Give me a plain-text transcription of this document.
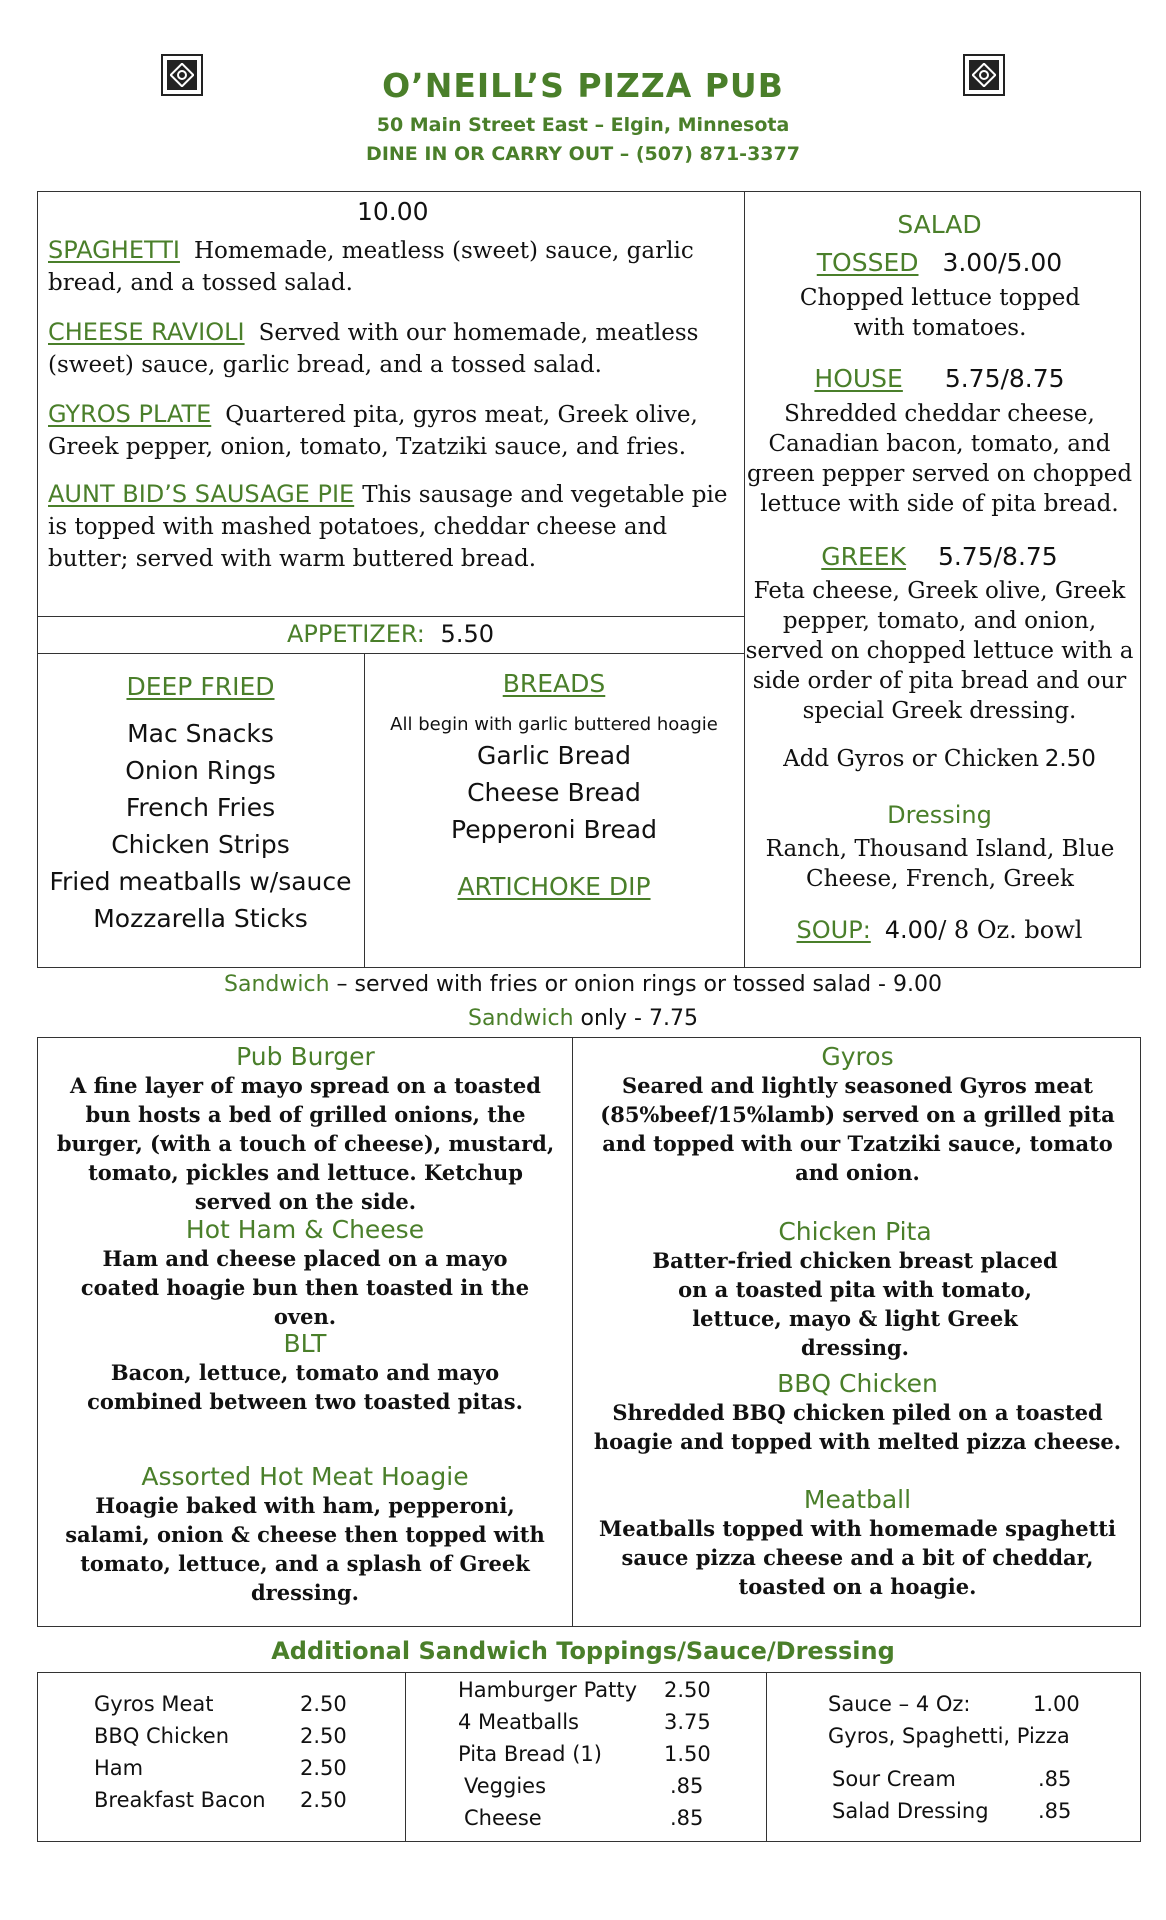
O’NEILL’S PIZZA PUB
50 Main Street East – Elgin, Minnesota
DINE IN OR CARRY OUT – (507) 871-3377
10.00
SPAGHETTI Homemade, meatless (sweet) sauce, garlic bread, and a tossed salad.
CHEESE RAVIOLI Served with our homemade, meatless (sweet) sauce, garlic bread, and a tossed salad.
GYROS PLATE Quartered pita, gyros meat, Greek olive, Greek pepper, onion, tomato, Tzatziki sauce, and fries.
AUNT BID’S SAUSAGE PIE This sausage and vegetable pie is topped with mashed potatoes, cheddar cheese and butter; served with warm buttered bread.
APPETIZER: 5.50
DEEP FRIED
Mac Snacks
Onion Rings
French Fries
Chicken Strips
Fried meatballs w/sauce
Mozzarella Sticks
BREADS
All begin with garlic buttered hoagie
Garlic Bread
Cheese Bread
Pepperoni Bread
ARTICHOKE DIP
SALAD
TOSSED 3.00/5.00
Chopped lettuce topped with tomatoes.
HOUSE 5.75/8.75
Shredded cheddar cheese, Canadian bacon, tomato, and green pepper served on chopped lettuce with side of pita bread.
GREEK 5.75/8.75
Feta cheese, Greek olive, Greek pepper, tomato, and onion, served on chopped lettuce with a side order of pita bread and our special Greek dressing.
Add Gyros or Chicken 2.50
Dressing
Ranch, Thousand Island, Blue Cheese, French, Greek
SOUP: 4.00/ 8 Oz. bowl
Sandwich – served with fries or onion rings or tossed salad - 9.00
Sandwich only - 7.75
Pub Burger
A fine layer of mayo spread on a toasted bun hosts a bed of grilled onions, the burger, (with a touch of cheese), mustard, tomato, pickles and lettuce. Ketchup served on the side.
Hot Ham & Cheese
Ham and cheese placed on a mayo coated hoagie bun then toasted in the oven.
BLT
Bacon, lettuce, tomato and mayo combined between two toasted pitas.
Assorted Hot Meat Hoagie
Hoagie baked with ham, pepperoni, salami, onion & cheese then topped with tomato, lettuce, and a splash of Greek dressing.
Gyros
Seared and lightly seasoned Gyros meat (85%beef/15%lamb) served on a grilled pita and topped with our Tzatziki sauce, tomato and onion.
Chicken Pita
Batter-fried chicken breast placed on a toasted pita with tomato, lettuce, mayo & light Greek dressing.
BBQ Chicken
Shredded BBQ chicken piled on a toasted hoagie and topped with melted pizza cheese.
Meatball
Meatballs topped with homemade spaghetti sauce pizza cheese and a bit of cheddar, toasted on a hoagie.
Additional Sandwich Toppings/Sauce/Dressing
Gyros Meat	2.50
BBQ Chicken	2.50
Ham	2.50
Breakfast Bacon 2.50
Hamburger Patty 2.50
4 Meatballs	3.75
Pita Bread (1)	1.50
Veggies	.85
Cheese	.85
Sauce – 4 Oz:	1.00
Gyros, Spaghetti, Pizza
Sour Cream	.85
Salad Dressing .85
